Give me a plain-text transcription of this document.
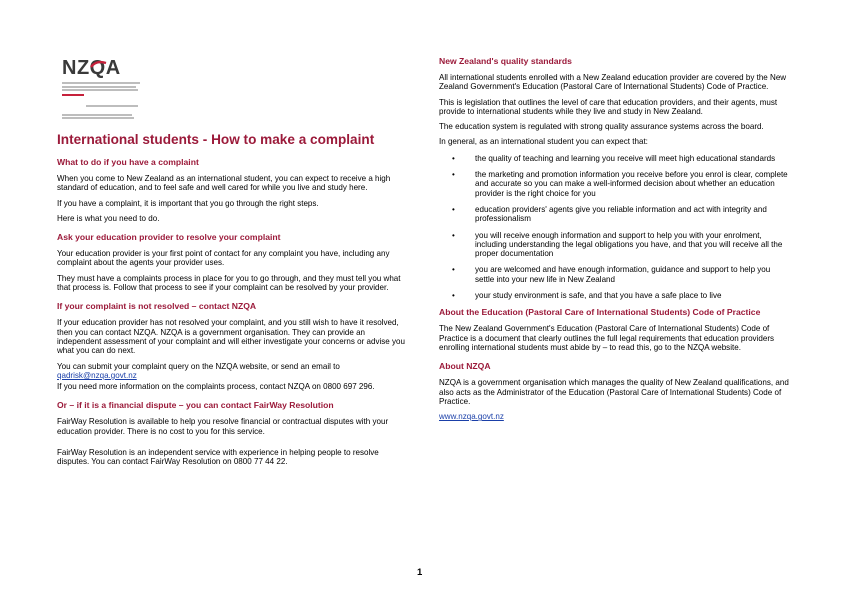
NZQ
A
International students - How to make a complaint
What to do if you have a complaint

When you come to New Zealand as an international student, you can expect to receive a high standard of education, and to feel safe and well cared for while you live and study here.

If you have a complaint, it is important that you go through the right steps.

Here is what you need to do.

Ask your education provider to resolve your complaint

Your education provider is your first point of contact for any complaint you have, including any complaint about the agents your provider uses.

They must have a complaints process in place for you to go through, and they must tell you what that process is. Follow that process to see if your complaint can be resolved by your provider.

If your complaint is not resolved – contact NZQA

If your education provider has not resolved your complaint, and you still wish to have it resolved, then you can contact NZQA. NZQA is a government organisation. They can provide an independent assessment of your complaint and will either investigate your concerns or advise you what you can do next.

You can submit your complaint query on the NZQA website, or send an email to
qadrisk@nzqa.govt.nz

If you need more information on the complaints process, contact NZQA on 0800 697 296.

Or – if it is a financial dispute – you can contact FairWay Resolution

FairWay Resolution is available to help you resolve financial or contractual disputes with your education provider. There is no cost to you for this service.

FairWay Resolution is an independent service with experience in helping people to resolve disputes. You can contact FairWay Resolution on 0800 77 44 22.

New Zealand's quality standards

All international students enrolled with a New Zealand education provider are covered by the New Zealand Government's Education (Pastoral Care of International Students) Code of Practice.

This is legislation that outlines the level of care that education providers, and their agents, must provide to international students while they live and study in New Zealand.

The education system is regulated with strong quality assurance systems across the board.

In general, as an international student you can expect that:

• the quality of teaching and learning you receive will meet high educational standards
• the marketing and promotion information you receive before you enrol is clear, complete and accurate so you can make a well-informed decision about whether an education provider is the right choice for you
• education providers' agents give you reliable information and act with integrity and professionalism
• you will receive enough information and support to help you with your enrolment, including understanding the legal obligations you have, and that you will receive all the proper documentation
• you are welcomed and have enough information, guidance and support to help you settle into your new life in New Zealand
• your study environment is safe, and that you have a safe place to live
About the Education (Pastoral Care of International Students) Code of Practice

The New Zealand Government's Education (Pastoral Care of International Students) Code of Practice is a document that clearly outlines the full legal requirements that education providers enrolling international students must abide by – to read this, go to the NZQA website.

About NZQA

NZQA is a government organisation which manages the quality of New Zealand qualifications, and also acts as the Administrator of the Education (Pastoral Care of International Students) Code of Practice.

www.nzqa.govt.nz

1
